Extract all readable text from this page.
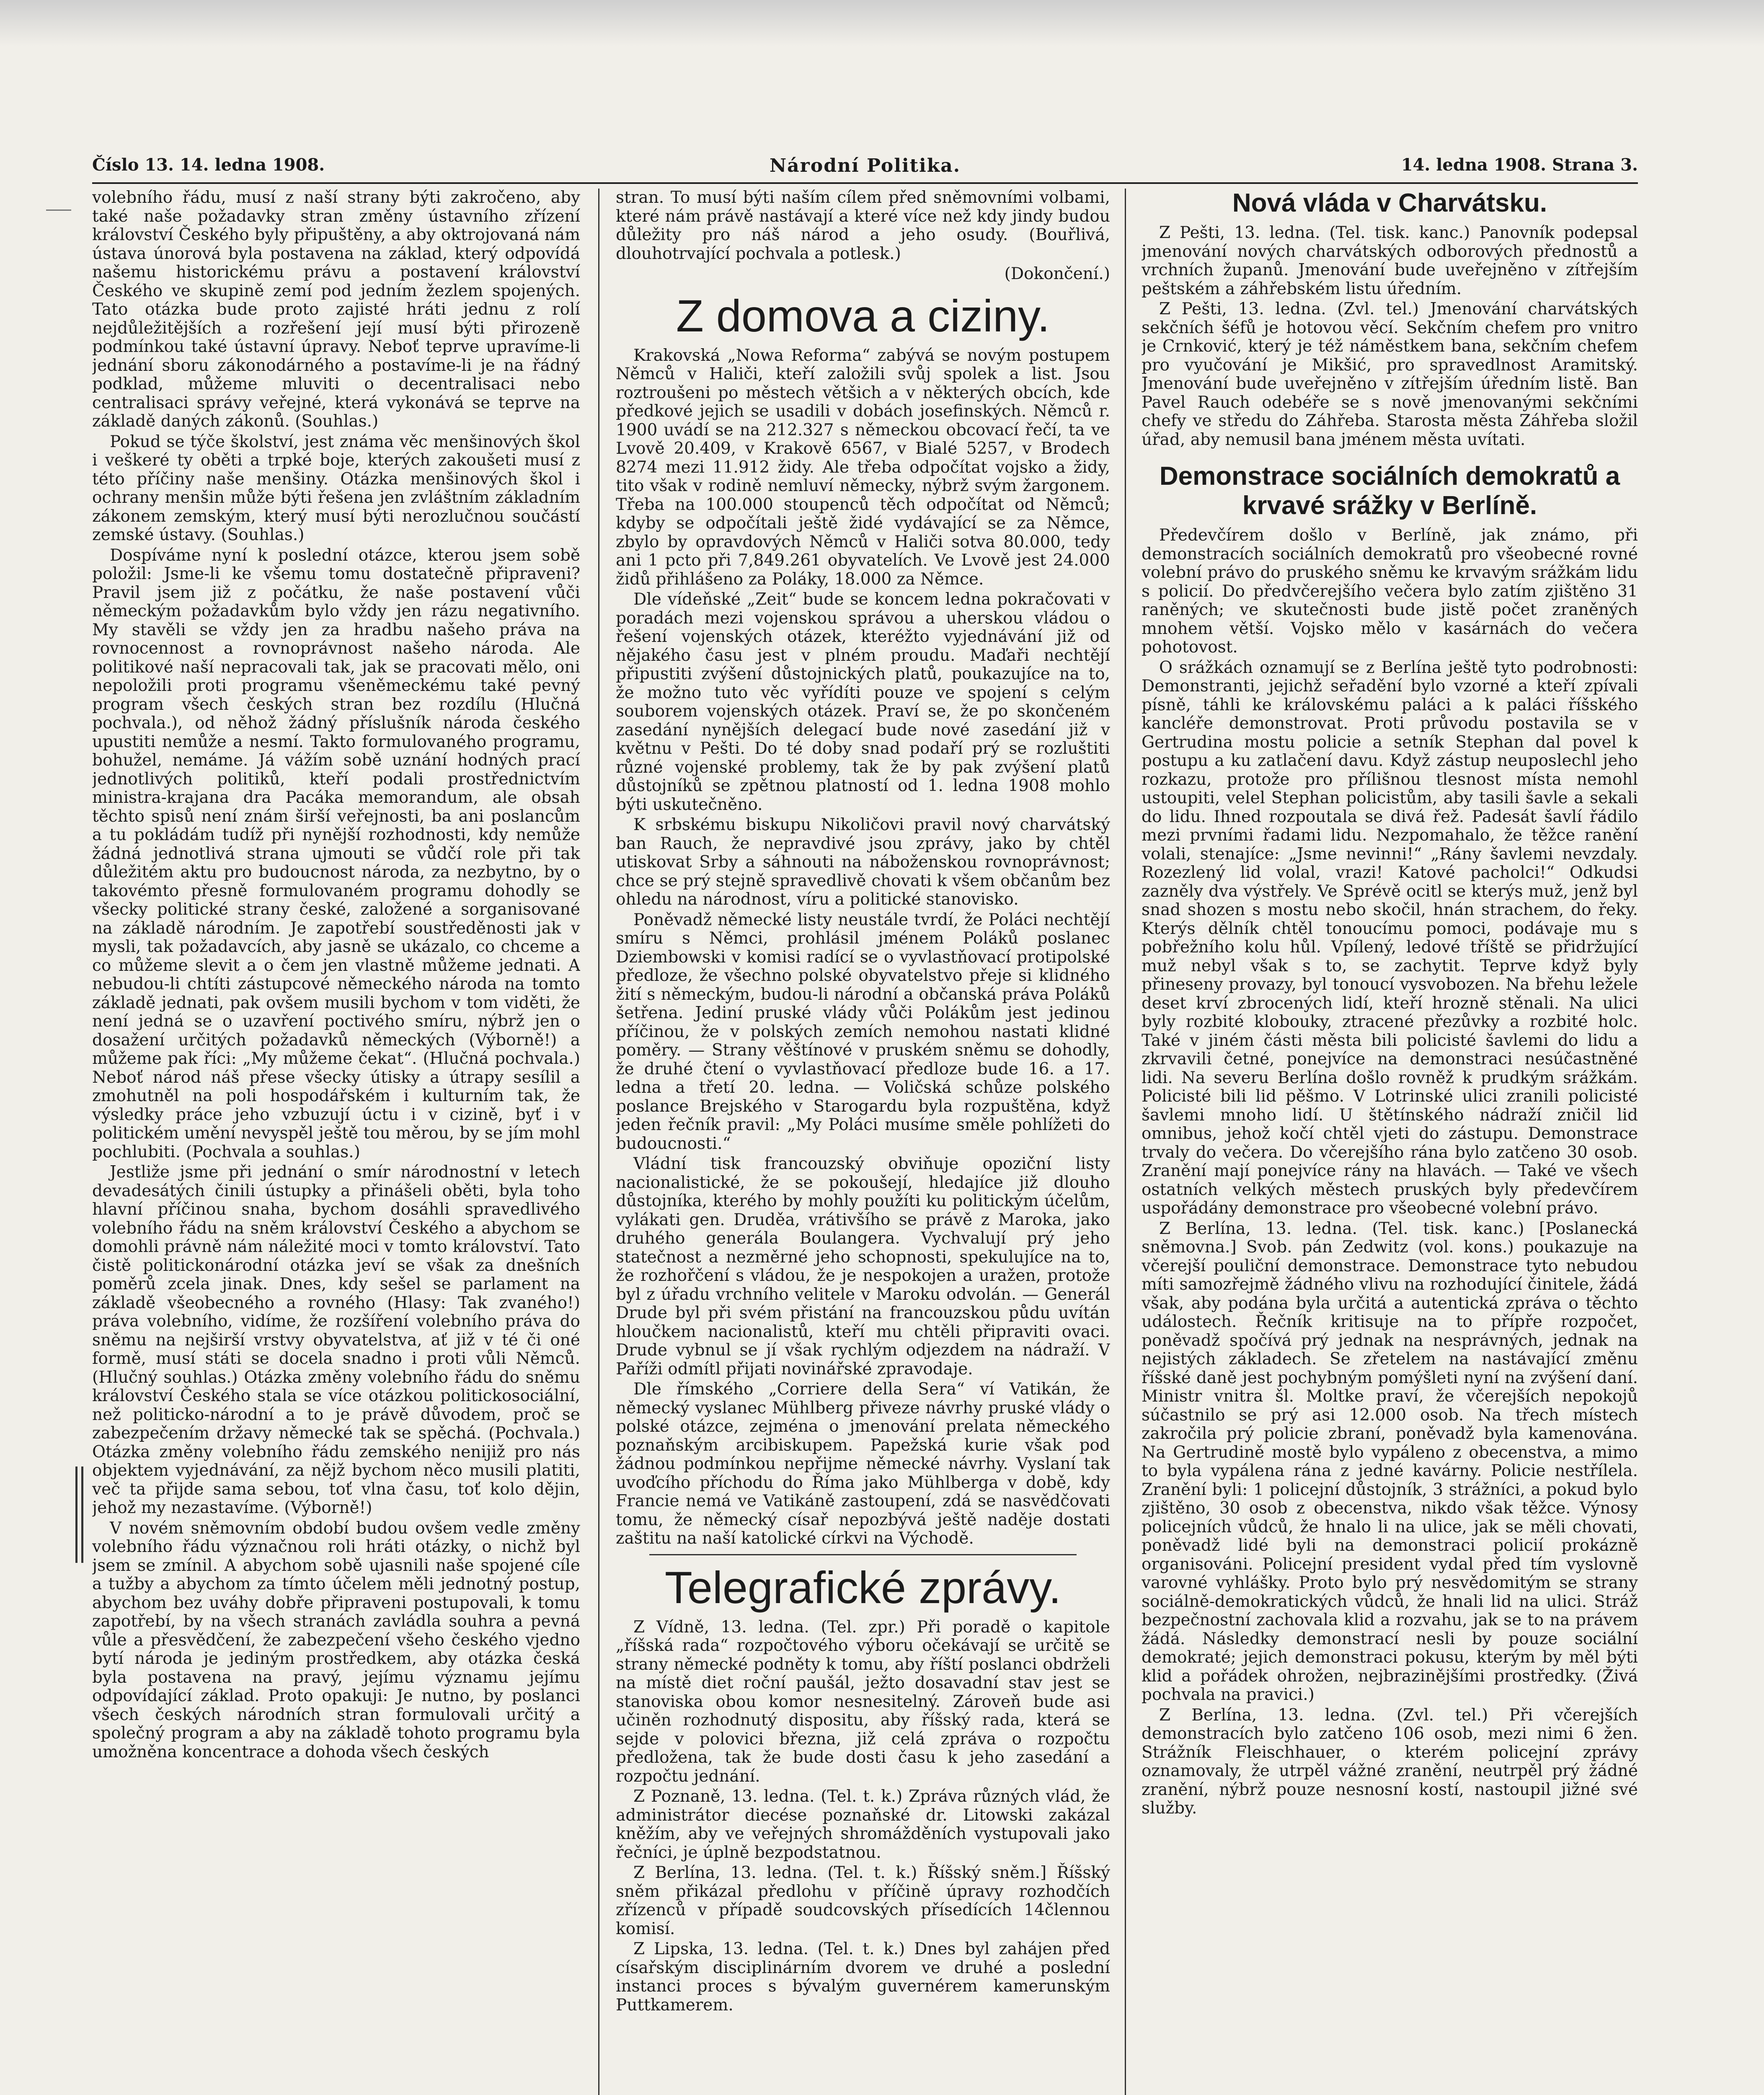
Číslo 13. 14. ledna 1908.	Národní Politika.	14. ledna 1908. Strana 3.

volebního řádu, musí z naší strany býti zakročeno, aby také naše požadavky stran změny ústavního zřízení království Českého byly připuštěny, a aby oktrojovaná nám ústava únorová byla postavena na základ, který odpovídá našemu historickému právu a postavení království Českého ve skupině zemí pod jedním žezlem spojených. Tato otázka bude proto zajisté hráti jednu z rolí nejdůležitějších a rozřešení její musí býti přirozeně podmínkou také ústavní úpravy. Neboť teprve upravíme-li jednání sboru zákonodárného a postavíme-li je na řádný podklad, můžeme mluviti o decentralisaci nebo centralisaci správy veřejné, která vykonává se teprve na základě daných zákonů. (Souhlas.)

Pokud se týče školství, jest známa věc menšinových škol i veškeré ty oběti a trpké boje, kterých zakoušeti musí z této příčiny naše menšiny. Otázka menšinových škol i ochrany menšin může býti řešena jen zvláštním základním zákonem zemským, který musí býti nerozlučnou součástí zemské ústavy. (Souhlas.)

Dospíváme nyní k poslední otázce, kterou jsem sobě položil: Jsme-li ke všemu tomu dostatečně připraveni? Pravil jsem již z počátku, že naše postavení vůči německým požadavkům bylo vždy jen rázu negativního. My stavěli se vždy jen za hradbu našeho práva na rovnocennost a rovnoprávnost našeho národa. Ale politikové naší nepracovali tak, jak se pracovati mělo, oni nepoložili proti programu všeněmeckému také pevný program všech českých stran bez rozdílu (Hlučná pochvala.), od něhož žádný příslušník národa českého upustiti nemůže a nesmí. Takto formulovaného programu, bohužel, nemáme. Já vážím sobě uznání hodných prací jednotlivých politiků, kteří podali prostřednictvím ministra-krajana dra Pacáka memorandum, ale obsah těchto spisů není znám širší veřejnosti, ba ani poslancům a tu pokládám tudíž při nynější rozhodnosti, kdy nemůže žádná jednotlivá strana ujmouti se vůdčí role při tak důležitém aktu pro budoucnost národa, za nezbytno, by o takovémto přesně formulovaném programu dohodly se všecky politické strany české, založené a sorganisované na základě národním. Je zapotřebí soustředěnosti jak v mysli, tak požadavcích, aby jasně se ukázalo, co chceme a co můžeme slevit a o čem jen vlastně můžeme jednati. A nebudou-li chtíti zástupcové německého národa na tomto základě jednati, pak ovšem musili bychom v tom viděti, že není jedná se o uzavření poctivého smíru, nýbrž jen o dosažení určitých požadavků německých (Výborně!) a můžeme pak říci: „My můžeme čekat“. (Hlučná pochvala.) Neboť národ náš přese všecky útisky a útrapy sesílil a zmohutněl na poli hospodářském i kulturním tak, že výsledky práce jeho vzbuzují úctu i v cizině, byť i v politickém umění nevyspěl ještě tou měrou, by se jím mohl pochlubiti. (Pochvala a souhlas.)

Jestliže jsme při jednání o smír národnostní v letech devadesátých činili ústupky a přinášeli oběti, byla toho hlavní příčinou snaha, bychom dosáhli spravedlivého volebního řádu na sněm království Českého a abychom se domohli právně nám náležité moci v tomto království. Tato čistě politickonárodní otázka jeví se však za dnešních poměrů zcela jinak. Dnes, kdy sešel se parlament na základě všeobecného a rovného (Hlasy: Tak zvaného!) práva volebního, vidíme, že rozšíření volebního práva do sněmu na nejširší vrstvy obyvatelstva, ať již v té či oné formě, musí státi se docela snadno i proti vůli Němců. (Hlučný souhlas.) Otázka změny volebního řádu do sněmu království Českého stala se více otázkou politickosociální, než politicko-národní a to je právě důvodem, proč se zabezpečením državy německé tak se spěchá. (Pochvala.) Otázka změny volebního řádu zemského nenijiž pro nás objektem vyjednávání, za nějž bychom něco musili platiti, več ta přijde sama sebou, toť vlna času, toť kolo dějin, jehož my nezastavíme. (Výborně!)

V novém sněmovním období budou ovšem vedle změny volebního řádu význačnou roli hráti otázky, o nichž byl jsem se zmínil. A abychom sobě ujasnili naše spojené cíle a tužby a abychom za tímto účelem měli jednotný postup, abychom bez uváhy dobře připraveni postupovali, k tomu zapotřebí, by na všech stranách zavládla souhra a pevná vůle a přesvědčení, že zabezpečení všeho českého vjedno bytí národa je jediným prostředkem, aby otázka česká byla postavena na pravý, jejímu významu jejímu odpovídající základ. Proto opakuji: Je nutno, by poslanci všech českých národních stran formulovali určitý a společný program a aby na základě tohoto programu byla umožněna koncentrace a dohoda všech českých

stran. To musí býti naším cílem před sněmovními volbami, které nám právě nastávají a které více než kdy jindy budou důležity pro náš národ a jeho osudy. (Bouřlivá, dlouhotrvající pochvala a potlesk.)

(Dokončení.)

Z domova a ciziny.

Krakovská „Nowa Reforma“ zabývá se novým postupem Němců v Haliči, kteří založili svůj spolek a list. Jsou roztroušeni po městech většich a v některých obcích, kde předkové jejich se usadili v dobách josefinských. Němců r. 1900 uvádí se na 212.327 s německou obcovací řečí, ta ve Lvově 20.409, v Krakově 6567, v Bialé 5257, v Brodech 8274 mezi 11.912 židy. Ale třeba odpočítat vojsko a židy, tito však v rodině nemluví německy, nýbrž svým žargonem. Třeba na 100.000 stoupenců těch odpočítat od Němců; kdyby se odpočítali ještě židé vydávající se za Němce, zbylo by opravdových Němců v Haliči sotva 80.000, tedy ani 1 pcto při 7,849.261 obyvatelích. Ve Lvově jest 24.000 židů přihlášeno za Poláky, 18.000 za Němce.

Dle vídeňské „Zeit“ bude se koncem ledna pokračovati v poradách mezi vojenskou správou a uherskou vládou o řešení vojenských otázek, kteréžto vyjednávání již od nějakého času jest v plném proudu. Maďaři nechtějí připustiti zvýšení důstojnických platů, poukazujíce na to, že možno tuto věc vyřídíti pouze ve spojení s celým souborem vojenských otázek. Praví se, že po skončeném zasedání nynějších delegací bude nové zasedání již v květnu v Pešti. Do té doby snad podaří prý se rozluštiti různé vojenské problemy, tak že by pak zvýšení platů důstojníků se zpětnou platností od 1. ledna 1908 mohlo býti uskutečněno.

K srbskému biskupu Nikoličovi pravil nový charvátský ban Rauch, že nepravdivé jsou zprávy, jako by chtěl utiskovat Srby a sáhnouti na náboženskou rovnoprávnost; chce se prý stejně spravedlivě chovati k všem občanům bez ohledu na národnost, víru a politické stanovisko.

Poněvadž německé listy neustále tvrdí, že Poláci nechtějí smíru s Němci, prohlásil jménem Poláků poslanec Dziembowski v komisi radící se o vyvlastňovací protipolské předloze, že všechno polské obyvatelstvo přeje si klidného žití s německým, budou-li národní a občanská práva Poláků šetřena. Jediní pruské vlády vůči Polákům jest jedinou příčinou, že v polských zemích nemohou nastati klidné poměry. — Strany věštínové v pruském sněmu se dohodly, že druhé čtení o vyvlastňovací předloze bude 16. a 17. ledna a třetí 20. ledna. — Voličská schůze polského poslance Brejského v Starogardu byla rozpuštěna, když jeden řečník pravil: „My Poláci musíme směle pohlížeti do budoucnosti.“

Vládní tisk francouzský obviňuje opoziční listy nacionalistické, že se pokoušejí, hledajíce již dlouho důstojníka, kterého by mohly použíti ku politickým účelům, vylákati gen. Druděa, vrátivšího se právě z Maroka, jako druhého generála Boulangera. Vychvalují prý jeho statečnost a nezměrné jeho schopnosti, spekulujíce na to, že rozhořčení s vládou, že je nespokojen a uražen, protože byl z úřadu vrchního velitele v Maroku odvolán. — Generál Drude byl při svém přistání na francouzskou půdu uvítán hloučkem nacionalistů, kteří mu chtěli připraviti ovaci. Drude vybnul se jí však rychlým odjezdem na nádraží. V Paříži odmítl přijati novinářské zpravodaje.

Dle římského „Corriere della Sera“ ví Vatikán, že německý vyslanec Mühlberg přiveze návrhy pruské vlády o polské otázce, zejména o jmenování prelata německého poznaňským arcibiskupem. Papežská kurie však pod žádnou podmínkou nepřijme německé návrhy. Vyslaní tak uvoďcího příchodu do Říma jako Mühlberga v době, kdy Francie nemá ve Vatikáně zastoupení, zdá se nasvědčovati tomu, že německý císař nepozbývá ještě naděje dostati zaštitu na naší katolické církvi na Východě.

Telegrafické zprávy.

Z Vídně, 13. ledna. (Tel. zpr.) Při poradě o kapitole „říšská rada“ rozpočtového výboru očekávají se určitě se strany německé podněty k tomu, aby říští poslanci obdrželi na místě diet roční paušál, ježto dosavadní stav jest se stanoviska obou komor nesnesitelný. Zároveň bude asi učiněn rozhodnutý dispositu, aby říšský rada, která se sejde v polovici března, již celá zpráva o rozpočtu předložena, tak že bude dosti času k jeho zasedání a rozpočtu jednání.

Z Poznaně, 13. ledna. (Tel. t. k.) Zpráva různých vlád, že administrátor diecése poznaňské dr. Litowski zakázal kněžím, aby ve veřejných shromážděních vystupovali jako řečníci, je úplně bezpodstatnou.

Z Berlína, 13. ledna. (Tel. t. k.) Říšský sněm.] Říšský sněm přikázal předlohu v příčině úpravy rozhodčích zřízenců v případě soudcovských přísedících 14člennou komisí.

Z Lipska, 13. ledna. (Tel. t. k.) Dnes byl zahájen před císařským disciplinárním dvorem ve druhé a poslední instanci proces s bývalým guvernérem kamerunským Puttkamerem.

Nová vláda v Charvátsku.

Z Pešti, 13. ledna. (Tel. tisk. kanc.) Panovník podepsal jmenování nových charvátských odborových přednostů a vrchních županů. Jmenování bude uveřejněno v zítřejším peštském a záhřebském listu úředním.

Z Pešti, 13. ledna. (Zvl. tel.) Jmenování charvátských sekčních šéfů je hotovou věcí. Sekčním chefem pro vnitro je Crnković, který je též náměstkem bana, sekčním chefem pro vyučování je Mikšić, pro spravedlnost Aramitský. Jmenování bude uveřejněno v zítřejším úředním listě. Ban Pavel Rauch odebéře se s nově jmenovanými sekčními chefy ve středu do Záhřeba. Starosta města Záhřeba složil úřad, aby nemusil bana jménem města uvítati.

Demonstrace sociálních demokratů a krvavé srážky v Berlíně.

Předevčírem došlo v Berlíně, jak známo, při demonstracích sociálních demokratů pro všeobecné rovné volební právo do pruského sněmu ke krvavým srážkám lidu s policií. Do předvčerejšího večera bylo zatím zjištěno 31 raněných; ve skutečnosti bude jistě počet zraněných mnohem větší. Vojsko mělo v kasárnách do večera pohotovost.

O srážkách oznamují se z Berlína ještě tyto podrobnosti: Demonstranti, jejichž seřadění bylo vzorné a kteří zpívali písně, táhli ke královskému paláci a k paláci říšského kancléře demonstrovat. Proti průvodu postavila se v Gertrudina mostu policie a setník Stephan dal povel k postupu a ku zatlačení davu. Když zástup neuposlechl jeho rozkazu, protože pro přílišnou tlesnost místa nemohl ustoupiti, velel Stephan policistům, aby tasili šavle a sekali do lidu. Ihned rozpoutala se divá řež. Padesát šavlí řádilo mezi prvními řadami lidu. Nezpomahalo, že těžce ranění volali, stenajíce: „Jsme nevinni!“ „Rány šavlemi nevzdaly. Rozezlený lid volal, vrazi! Katové pacholci!“ Odkudsi zazněly dva výstřely. Ve Sprévě ocitl se kterýs muž, jenž byl snad shozen s mostu nebo skočil, hnán strachem, do řeky. Kterýs dělník chtěl tonoucímu pomoci, podávaje mu s pobřežního kolu hůl. Vpílený, ledové tříště se přidržující muž nebyl však s to, se zachytit. Teprve když byly přineseny provazy, byl tonoucí vysvobozen. Na břehu ležele deset krví zbrocených lidí, kteří hrozně stěnali. Na ulici byly rozbité klobouky, ztracené přezůvky a rozbité holc. Také v jiném části města bili policisté šavlemi do lidu a zkrvavili četné, ponejvíce na demonstraci nesúčastněné lidi. Na severu Berlína došlo rovněž k prudkým srážkám. Policisté bili lid pěšmo. V Lotrinské ulici zranili policisté šavlemi mnoho lidí. U štětínského nádraží zničil lid omnibus, jehož kočí chtěl vjeti do zástupu. Demonstrace trvaly do večera. Do včerejšího rána bylo zatčeno 30 osob. Zranění mají ponejvíce rány na hlavách. — Také ve všech ostatních velkých městech pruských byly předevčírem uspořádány demonstrace pro všeobecné volební právo.

Z Berlína, 13. ledna. (Tel. tisk. kanc.) [Poslanecká sněmovna.] Svob. pán Zedwitz (vol. kons.) poukazuje na včerejší pouliční demonstrace. Demonstrace tyto nebudou míti samozřejmě žádného vlivu na rozhodující činitele, žádá však, aby podána byla určitá a autentická zpráva o těchto událostech. Řečník kritisuje na to přípře rozpočet, poněvadž spočívá prý jednak na nesprávných, jednak na nejistých základech. Se zřetelem na nastávající změnu říšské daně jest pochybným pomýšleti nyní na zvýšení daní. Ministr vnitra šl. Moltke praví, že včerejších nepokojů súčastnilo se prý asi 12.000 osob. Na třech místech zakročila prý policie zbraní, poněvadž byla kamenována. Na Gertrudině mostě bylo vypáleno z obecenstva, a mimo to byla vypálena rána z jedné kavárny. Policie nestřílela. Zranění byli: 1 policejní důstojník, 3 strážníci, a pokud bylo zjištěno, 30 osob z obecenstva, nikdo však těžce. Výnosy policejních vůdců, že hnalo li na ulice, jak se měli chovati, poněvadž lidé byli na demonstraci policií prokázně organisováni. Policejní president vydal před tím vyslovně varovné vyhlášky. Proto bylo prý nesvědomitým se strany sociálně-demokratických vůdců, že hnali lid na ulici. Stráž bezpečnostní zachovala klid a rozvahu, jak se to na právem žádá. Následky demonstrací nesli by pouze sociální demokraté; jejich demonstraci pokusu, kterým by měl býti klid a pořádek ohrožen, nejbrazinějšími prostředky. (Živá pochvala na pravici.)

Z Berlína, 13. ledna. (Zvl. tel.) Při včerejších demonstracích bylo zatčeno 106 osob, mezi nimi 6 žen. Strážník Fleischhauer, o kterém policejní zprávy oznamovaly, že utrpěl vážné zranění, neutrpěl prý žádné zranění, nýbrž pouze nesnosní kostí, nastoupil jižné své služby.
